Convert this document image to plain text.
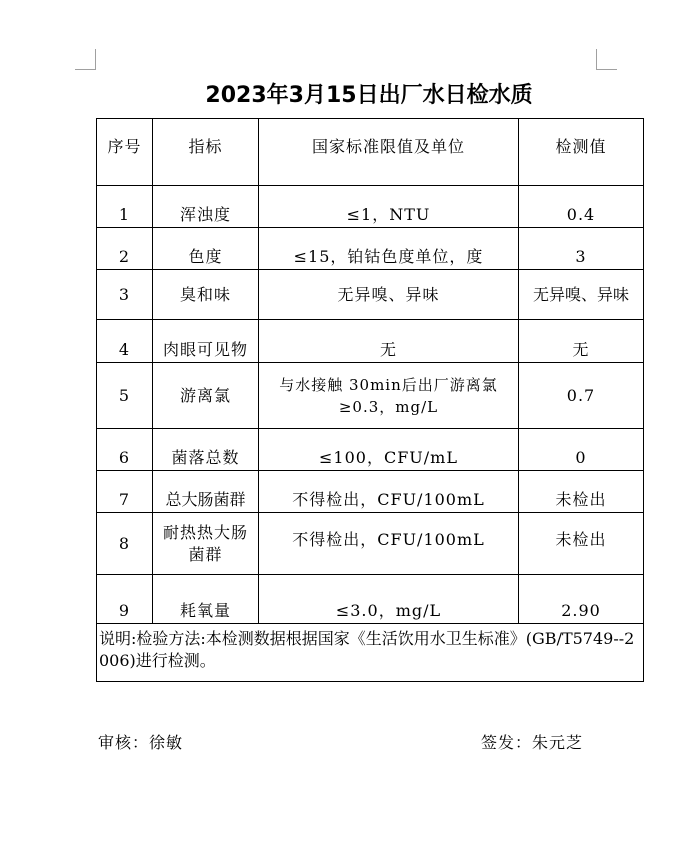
2023年3月15日出厂水日检水质
序号	指标	国家标准限值及单位	检测值
1	浑浊度	≤1，NTU	0.4
2	色度	≤15，铂钴色度单位，度	3
3	臭和味	无异嗅、异味	无异嗅、异味
4	肉眼可见物	无	无
5	游离氯	与水接触 30min后出厂游离氯≥0.3，mg/L	0.7
6	菌落总数	≤100，CFU/mL	0
7	总大肠菌群	不得检出，CFU/100mL	未检出
8	耐热热大肠菌群	不得检出，CFU/100mL	未检出
9	耗氧量	≤3.0，mg/L	2.90
说明:检验方法:本检测数据根据国家《生活饮用水卫生标准》(GB/T5749--2006)进行检测。			
审核：徐敏	签发：朱元芝
